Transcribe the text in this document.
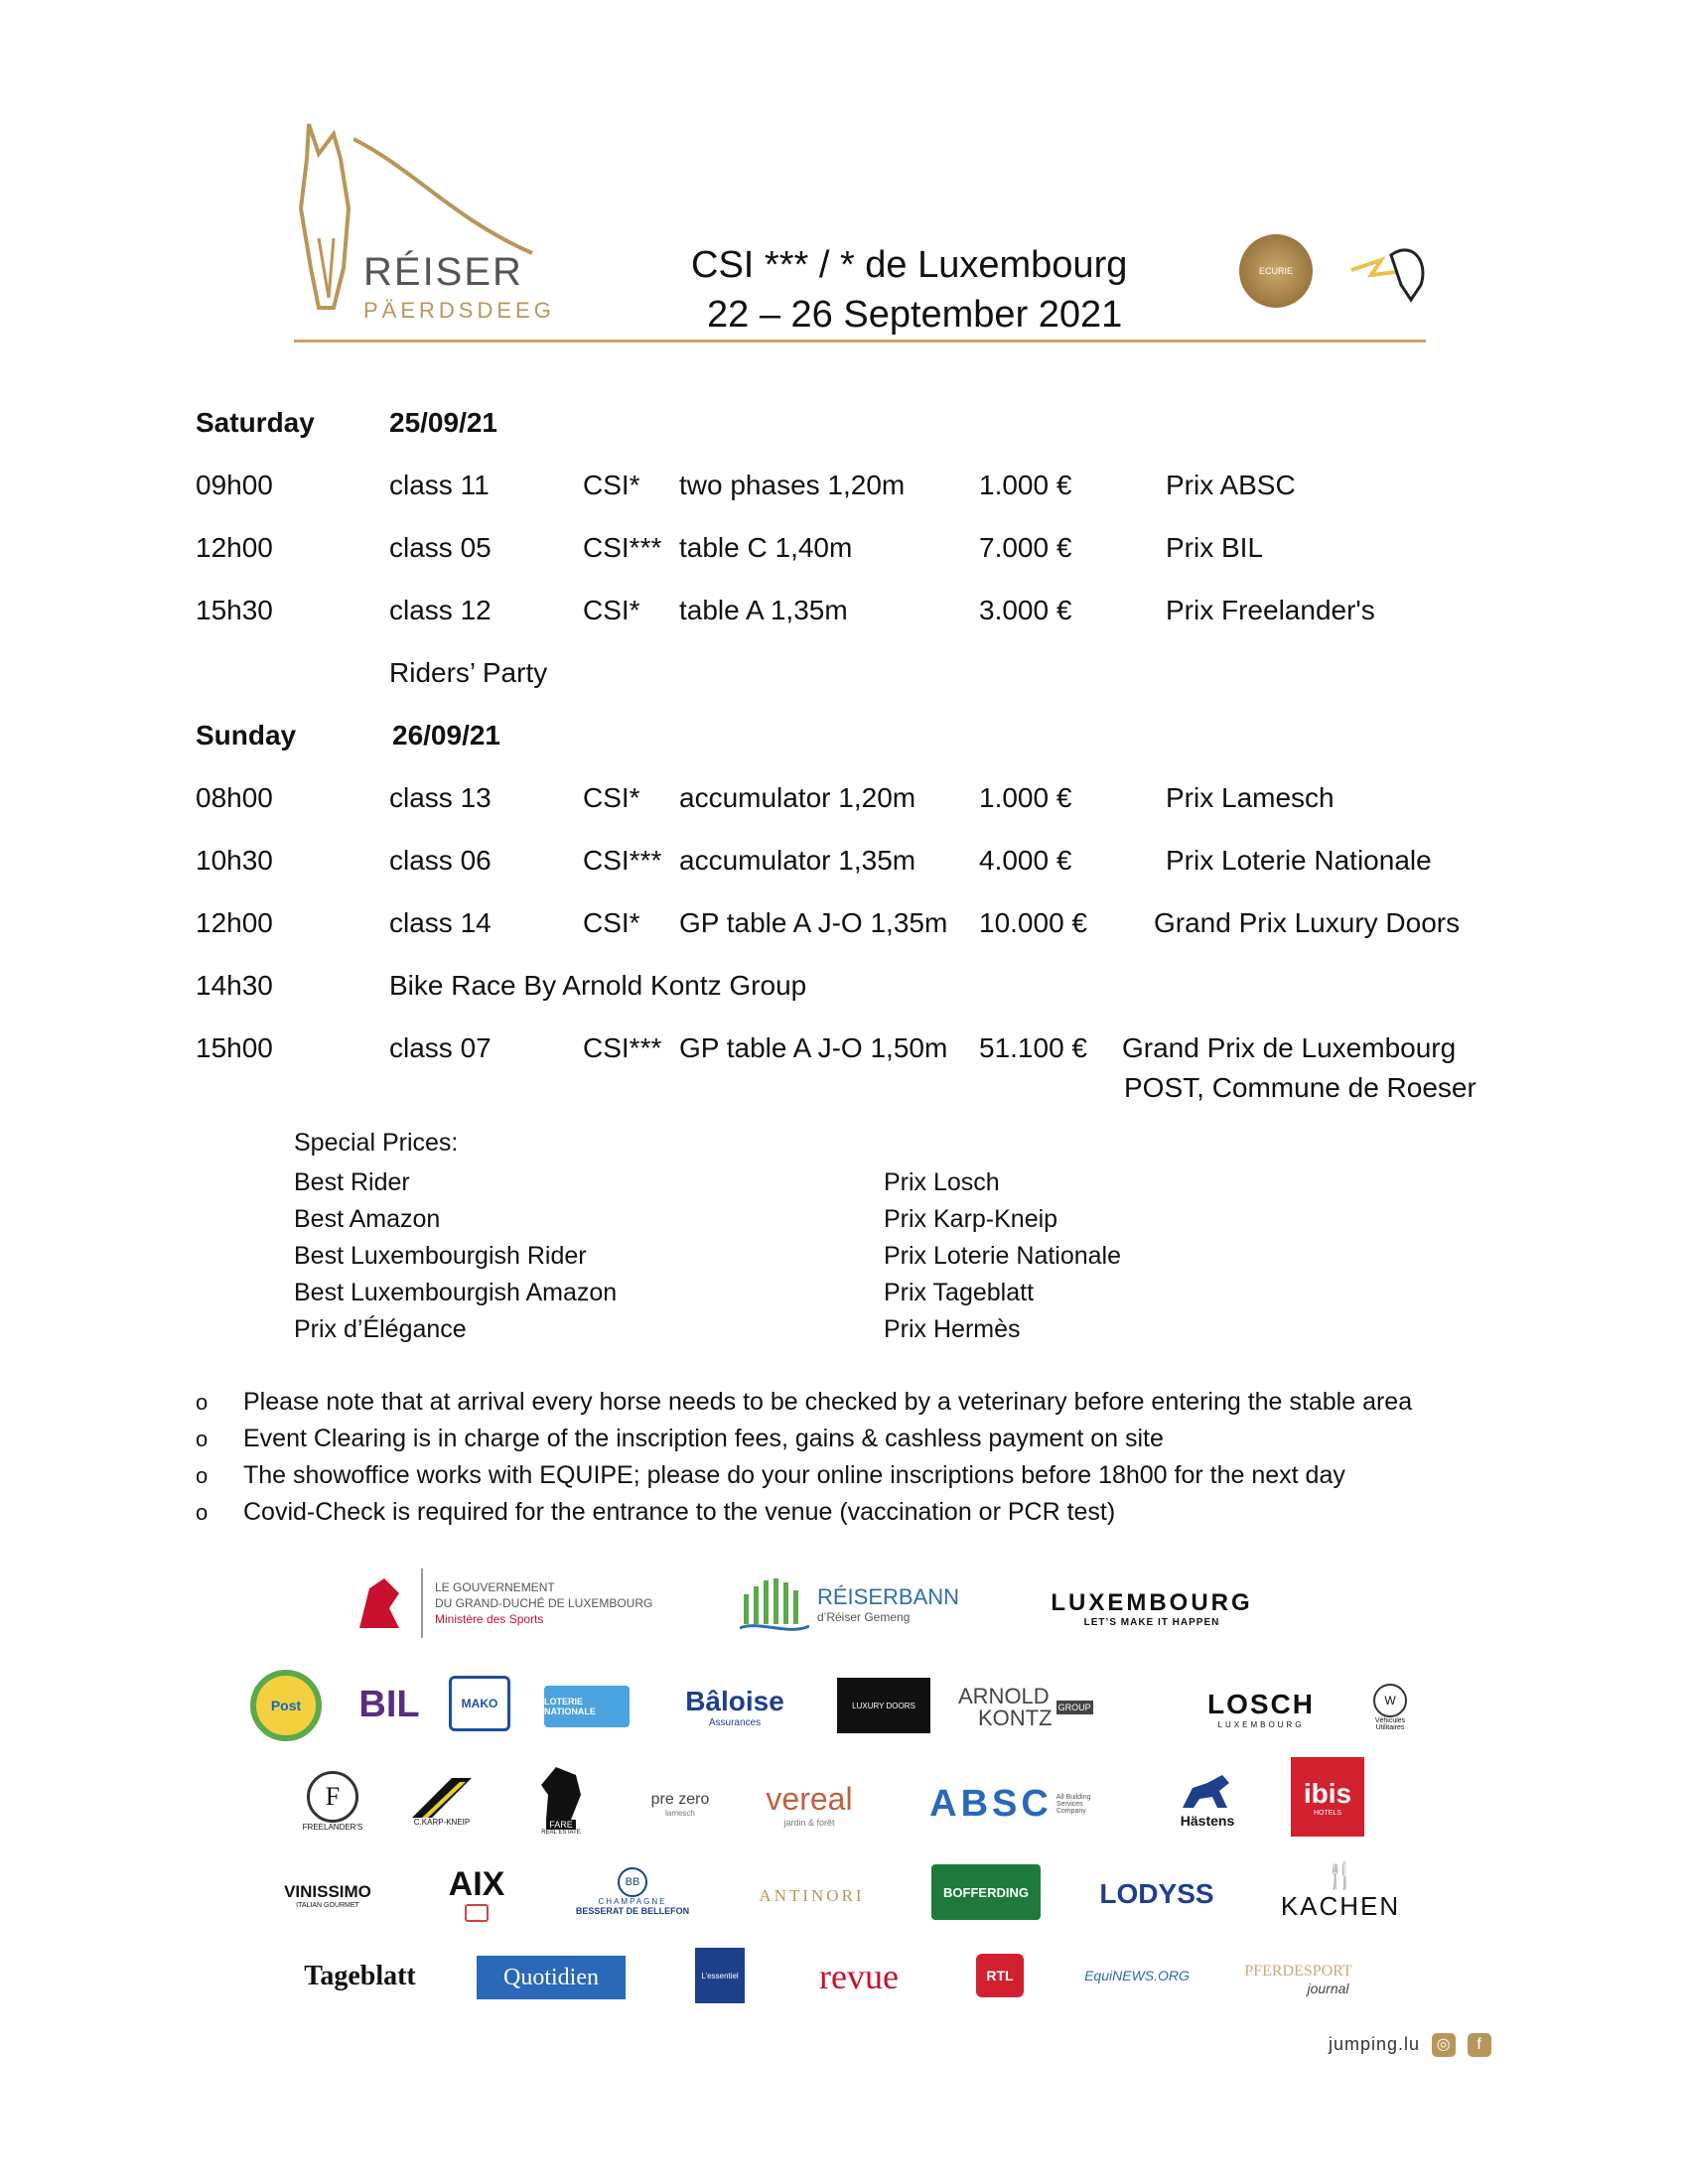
RÉISER
PÄERDSDEEG
CSI *** / * de Luxembourg
22 – 26 September 2021
ECURIE
Saturday	25/09/21
09h00	class 11	CSI* two phases 1,20m	1.000 €	Prix ABSC
12h00	class 05	CSI*** table C 1,40m	7.000 €	Prix BIL
15h30	class 12	CSI* table A 1,35m	3.000 €	Prix Freelander's
Riders’ Party
Sunday	26/09/21
08h00	class 13	CSI* accumulator 1,20m 1.000 €	Prix Lamesch
10h30	class 06	CSI*** accumulator 1,35m 4.000 €	Prix Loterie Nationale
12h00	class 14	CSI* GP table A J-O 1,35m 10.000 € Grand Prix Luxury Doors
14h30	Bike Race By Arnold Kontz Group
15h00	class 07	CSI*** GP table A J-O 1,50m 51.100 € Grand Prix de Luxembourg
POST, Commune de Roeser
Special Prices:
Best Rider
Best Amazon
Best Luxembourgish Rider
Best Luxembourgish Amazon
Prix d’Élégance
Prix Losch
Prix Karp-Kneip
Prix Loterie Nationale
Prix Tageblatt
Prix Hermès
o Please note that at arrival every horse needs to be checked by a veterinary before entering the stable area
o Event Clearing is in charge of the inscription fees, gains & cashless payment on site
o The showoffice works with EQUIPE; please do your online inscriptions before 18h00 for the next day
o Covid-Check is required for the entrance to the venue (vaccination or PCR test)
LE GOUVERNEMENT
DU GRAND-DUCHÉ DE LUXEMBOURG
Ministère des Sports
RÉISERBANN
d’Réiser Gemeng
LUXEMBOURG
LET’S MAKE IT HAPPEN
Post BIL	MAKO	LOTERIE NATIONALE	Bâloise
Assurances
LUXURY DOORS ARNOLD
KONTZ GROUP	LOSCH
LUXEMBOURG
W
Véhicules Utilitaires
F
FREELANDER'S
C.KARP-KNEIP	FARE
REAL ESTATE
pre zero
lamesch vereal
jardin & forêt	ABSC All Building Services Company
Hästens
ibis
HOTELS
VINISSIMO
ITALIAN GOURMET
AIX	BB
CHAMPAGNE
BESSERAT DE BELLEFON
ANTINORI	BOFFERDING	LODYSS
🍴
KACHEN
Tageblatt	Quotidien	L’essentiel revue	RTL	EquiNEWS.ORG	PFERDESPORT
journal
jumping.lu ◎ f
